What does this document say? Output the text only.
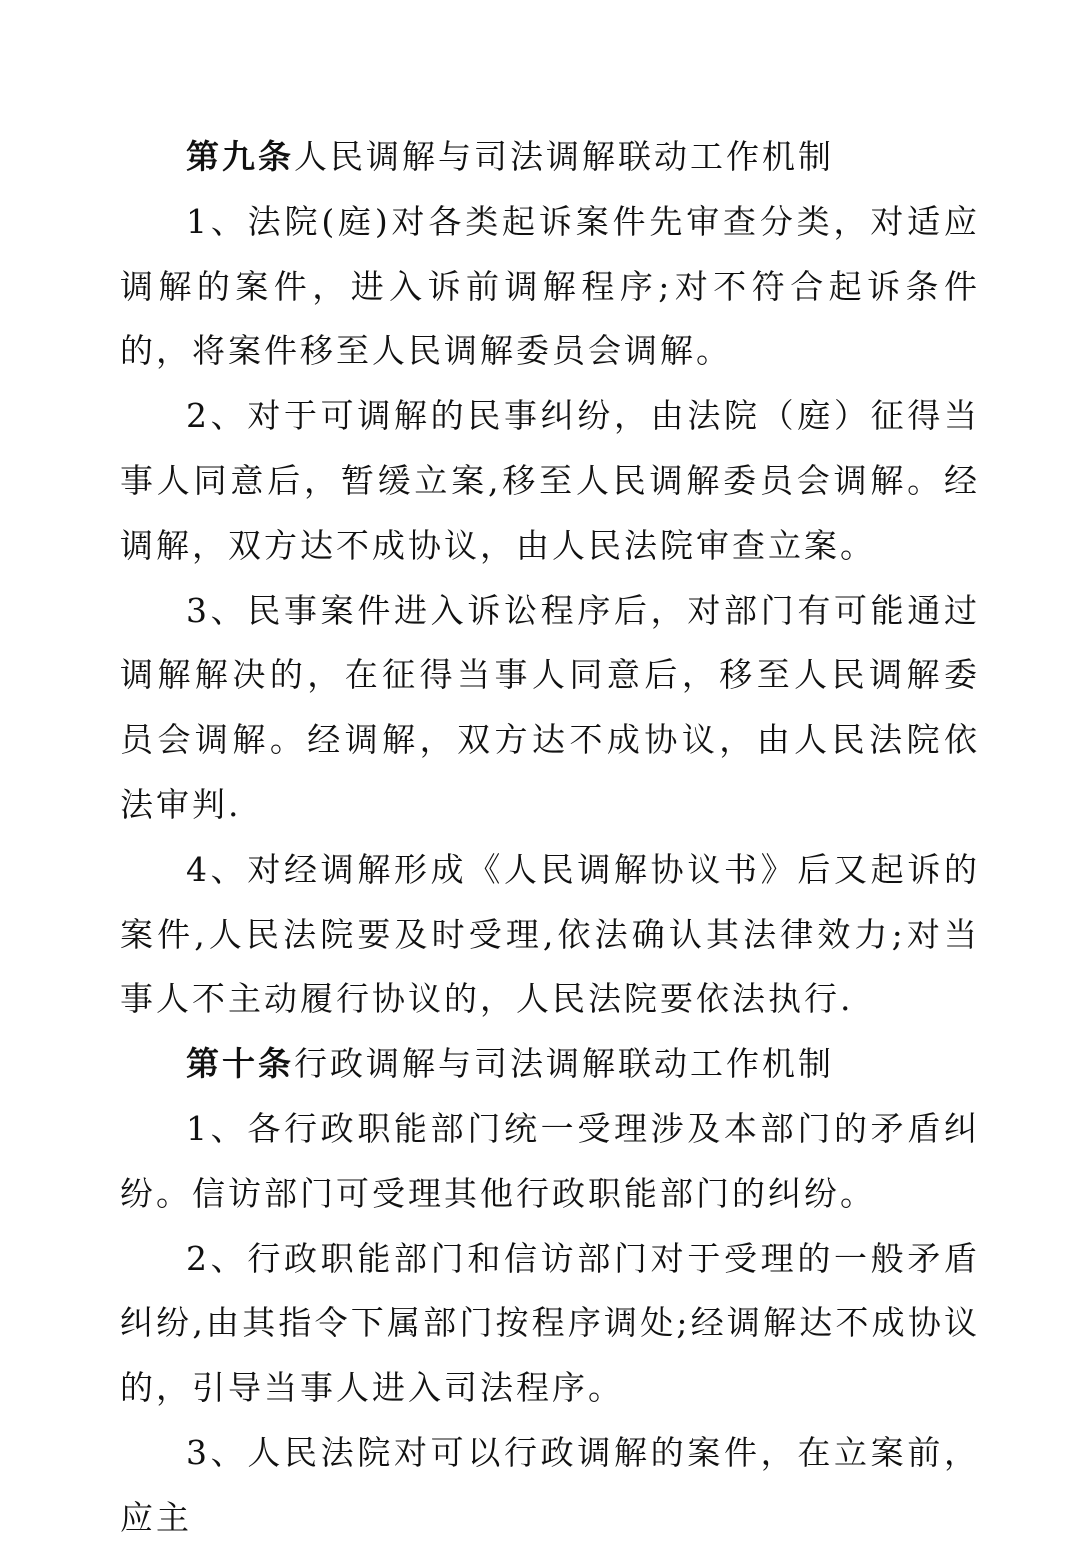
第九条人民调解与司法调解联动工作机制

1、法院(庭)对各类起诉案件先审查分类，对适应调解的案件，进入诉前调解程序;对不符合起诉条件的，将案件移至人民调解委员会调解。

2、对于可调解的民事纠纷，由法院（庭）征得当事人同意后，暂缓立案,移至人民调解委员会调解。经调解，双方达不成协议，由人民法院审查立案。

3、民事案件进入诉讼程序后，对部门有可能通过调解解决的，在征得当事人同意后，移至人民调解委员会调解。经调解，双方达不成协议，由人民法院依法审判.

4、对经调解形成《人民调解协议书》后又起诉的案件,人民法院要及时受理,依法确认其法律效力;对当事人不主动履行协议的，人民法院要依法执行.

第十条行政调解与司法调解联动工作机制

1、各行政职能部门统一受理涉及本部门的矛盾纠纷。信访部门可受理其他行政职能部门的纠纷。

2、行政职能部门和信访部门对于受理的一般矛盾纠纷,由其指令下属部门按程序调处;经调解达不成协议的，引导当事人进入司法程序。

3、人民法院对可以行政调解的案件，在立案前，应主
